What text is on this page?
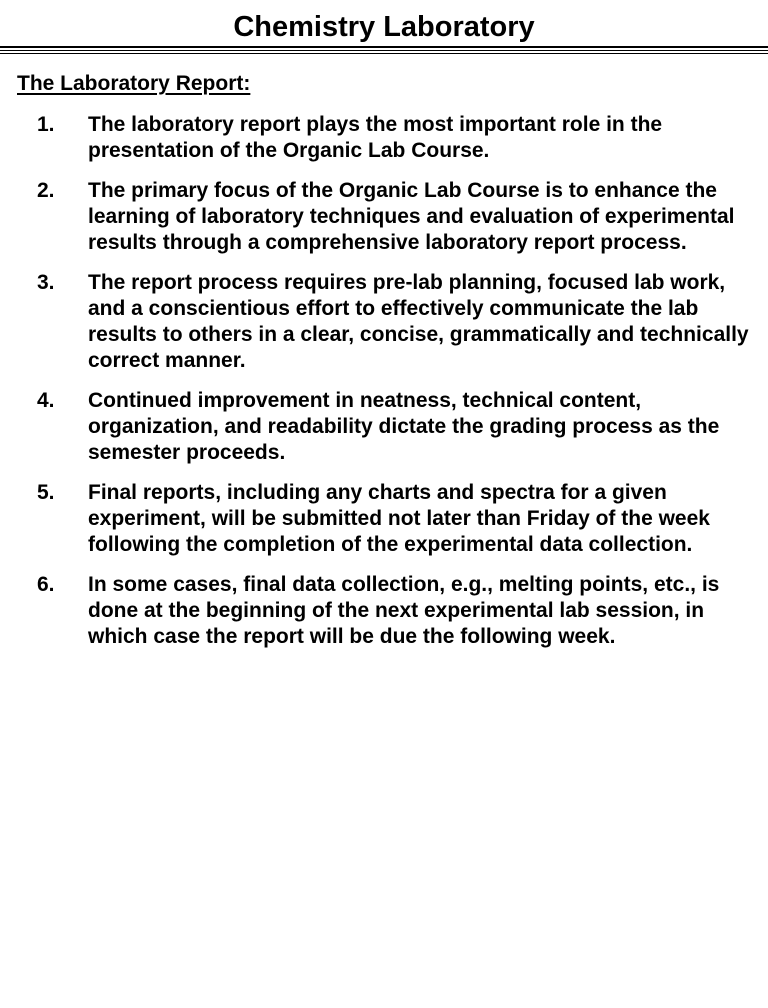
Chemistry Laboratory
The Laboratory Report:
1. The laboratory report plays the most important role in the presentation of the Organic Lab Course.
2. The primary focus of the Organic Lab Course is to enhance the learning of laboratory techniques and evaluation of experimental results through a comprehensive laboratory report process.
3. The report process requires pre-lab planning, focused lab work, and a conscientious effort to effectively communicate the lab results to others in a clear, concise, grammatically and technically correct manner.
4. Continued improvement in neatness, technical content, organization, and readability dictate the grading process as the semester proceeds.
5. Final reports, including any charts and spectra for a given experiment, will be submitted not later than Friday of the week following the completion of the experimental data collection.
6. In some cases, final data collection, e.g., melting points, etc., is done at the beginning of the next experimental lab session, in which case the report will be due the following week.
